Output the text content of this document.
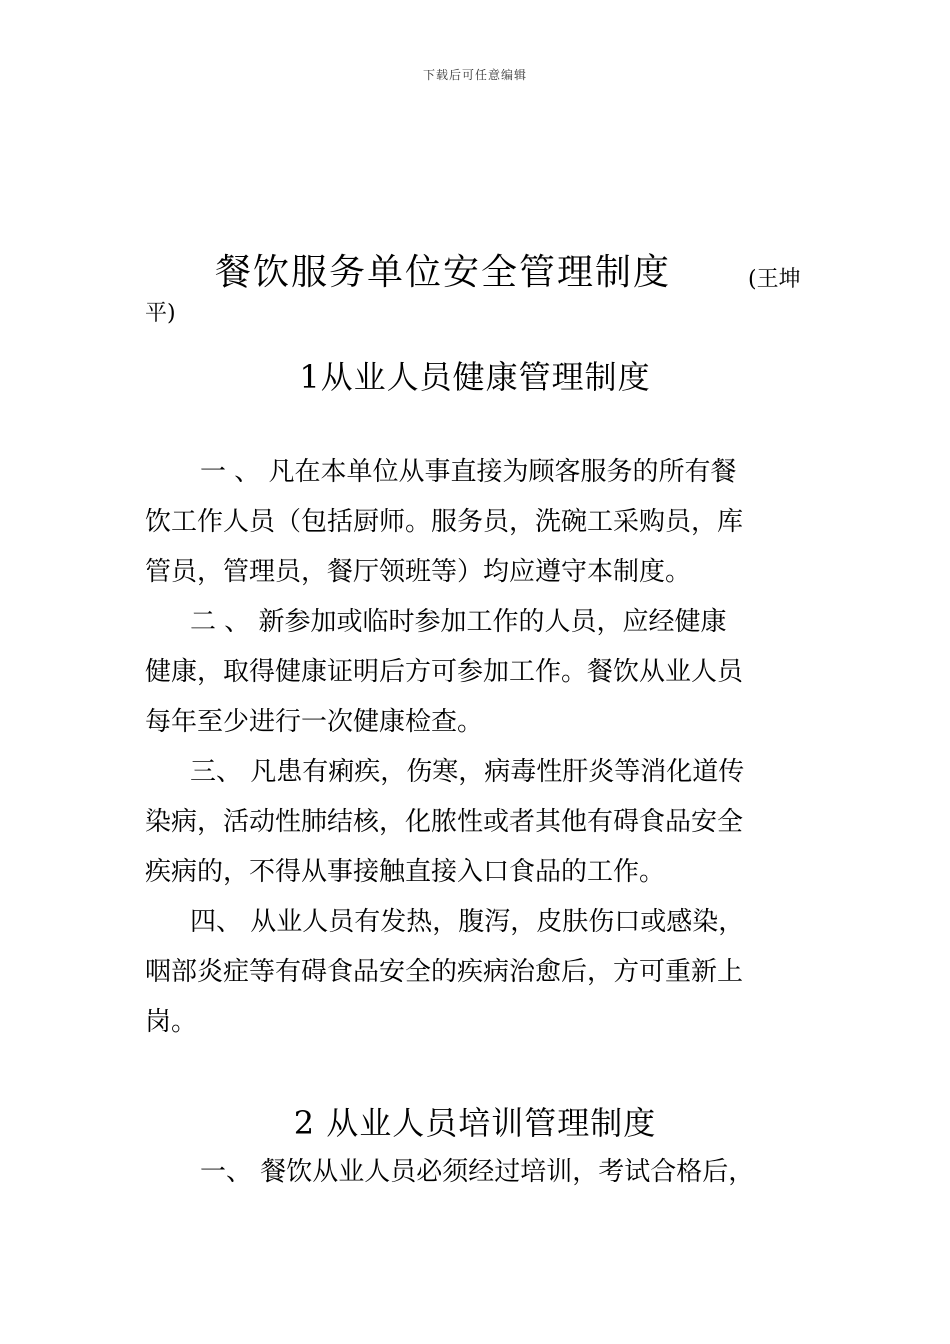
下载后可任意编辑
餐饮服务单位安全管理制度	(王坤
平)
1从业人员健康管理制度
一 、 凡在本单位从事直接为顾客服务的所有餐
饮工作人员（包括厨师。服务员，洗碗工采购员，库
管员，管理员，餐厅领班等）均应遵守本制度。
二 、 新参加或临时参加工作的人员，应经健康
健康，取得健康证明后方可参加工作。餐饮从业人员
每年至少进行一次健康检查。
三、 凡患有痢疾，伤寒，病毒性肝炎等消化道传
染病，活动性肺结核，化脓性或者其他有碍食品安全
疾病的，不得从事接触直接入口食品的工作。
四、 从业人员有发热，腹泻，皮肤伤口或感染，
咽部炎症等有碍食品安全的疾病治愈后，方可重新上
岗。
2 从业人员培训管理制度
一、 餐饮从业人员必须经过培训，考试合格后，
